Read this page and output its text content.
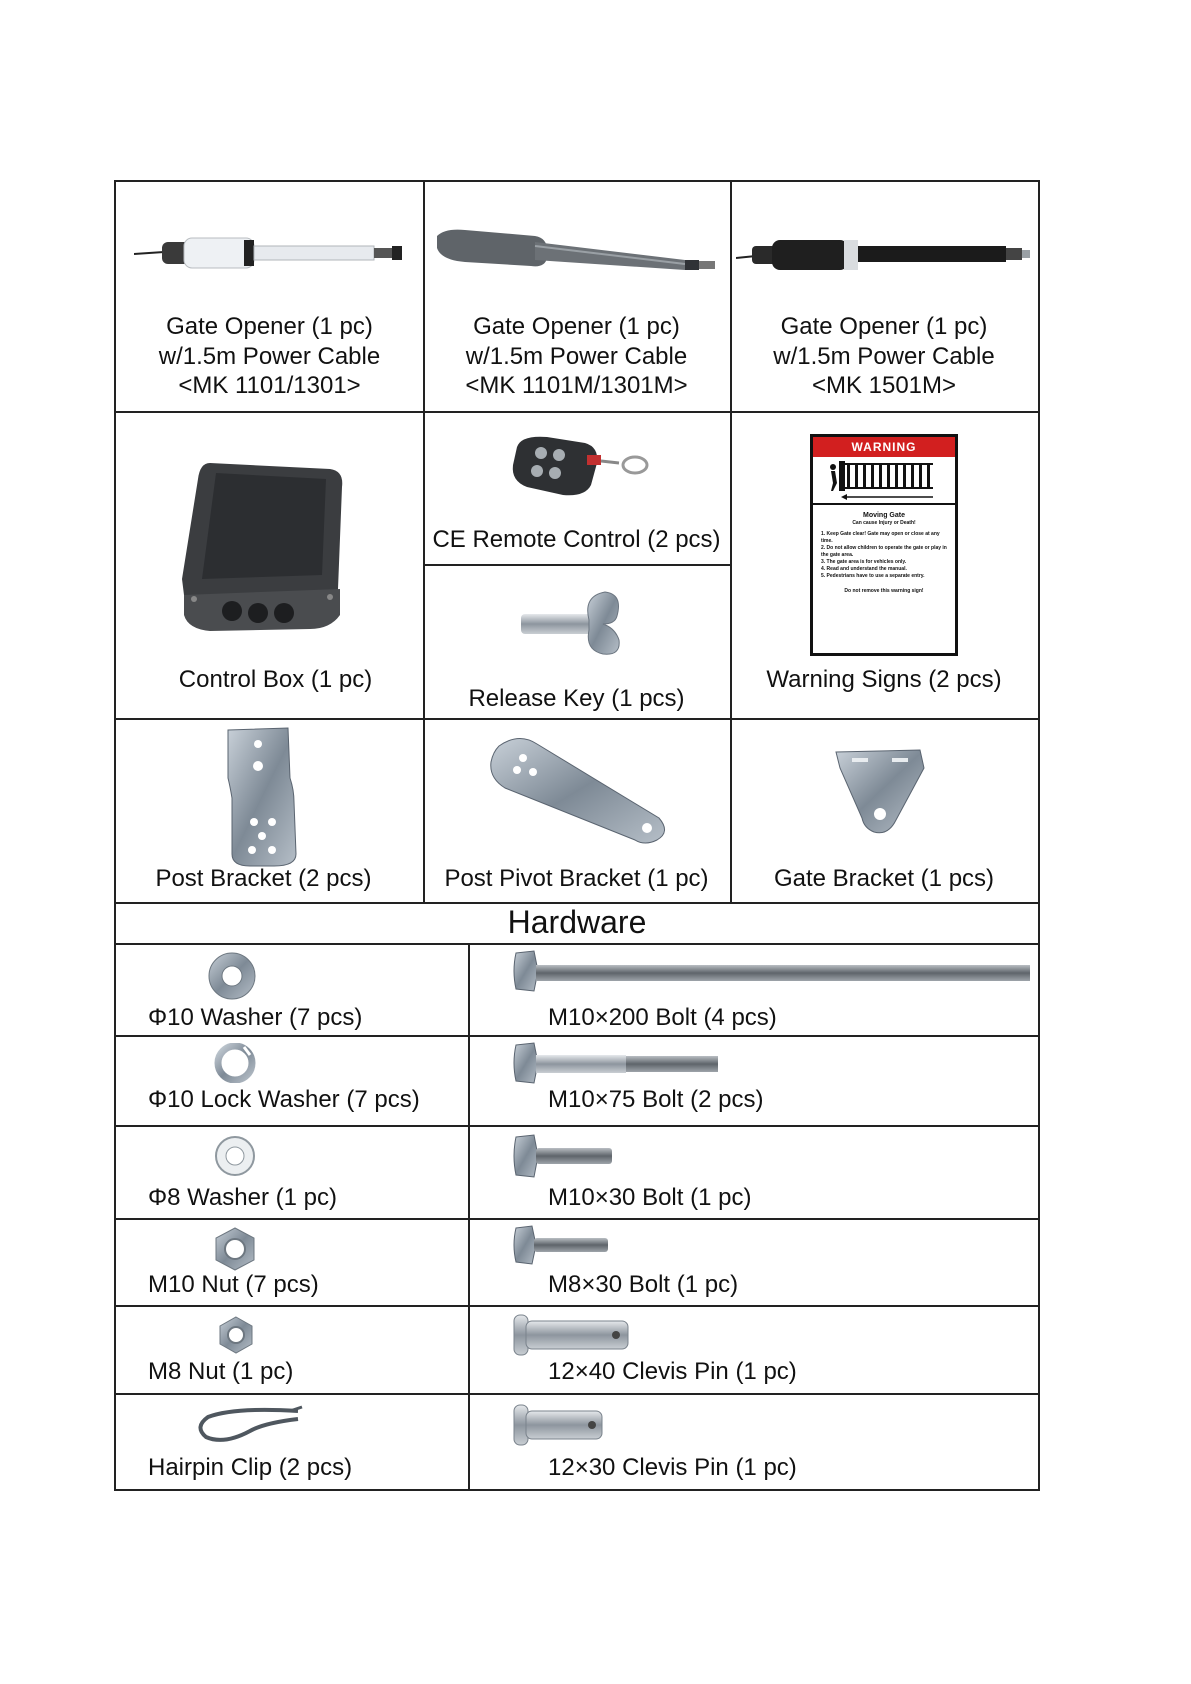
Gate Opener (1 pc)
w/1.5m Power Cable
<MK 1101/1301>
Gate Opener (1 pc)
w/1.5m Power Cable
<MK 1101M/1301M>
Gate Opener (1 pc)
w/1.5m Power Cable
<MK 1501M>
Control Box (1 pc)
CE Remote Control (2 pcs)
Release Key (1 pcs)
Warning Signs (2 pcs)
Post Bracket (2 pcs)	Post Pivot Bracket (1 pc)	Gate Bracket (1 pcs)
Hardware
Φ10 Washer (7 pcs)
Φ10 Lock Washer (7 pcs)
Φ8 Washer (1 pc)
M10 Nut (7 pcs)
M8 Nut (1 pc)
Hairpin Clip (2 pcs)
M10×200 Bolt (4 pcs)
M10×75 Bolt (2 pcs)
M10×30 Bolt (1 pc)
M8×30 Bolt (1 pc)
12×40 Clevis Pin (1 pc)
12×30 Clevis Pin (1 pc)
WARNING
Moving Gate
Can cause Injury or Death!
1. Keep Gate clear! Gate may open or close at any time.
2. Do not allow children to operate the gate or play in the gate area.
3. The gate area is for vehicles only.
4. Read and understand the manual.
5. Pedestrians have to use a separate entry.
Do not remove this warning sign!
